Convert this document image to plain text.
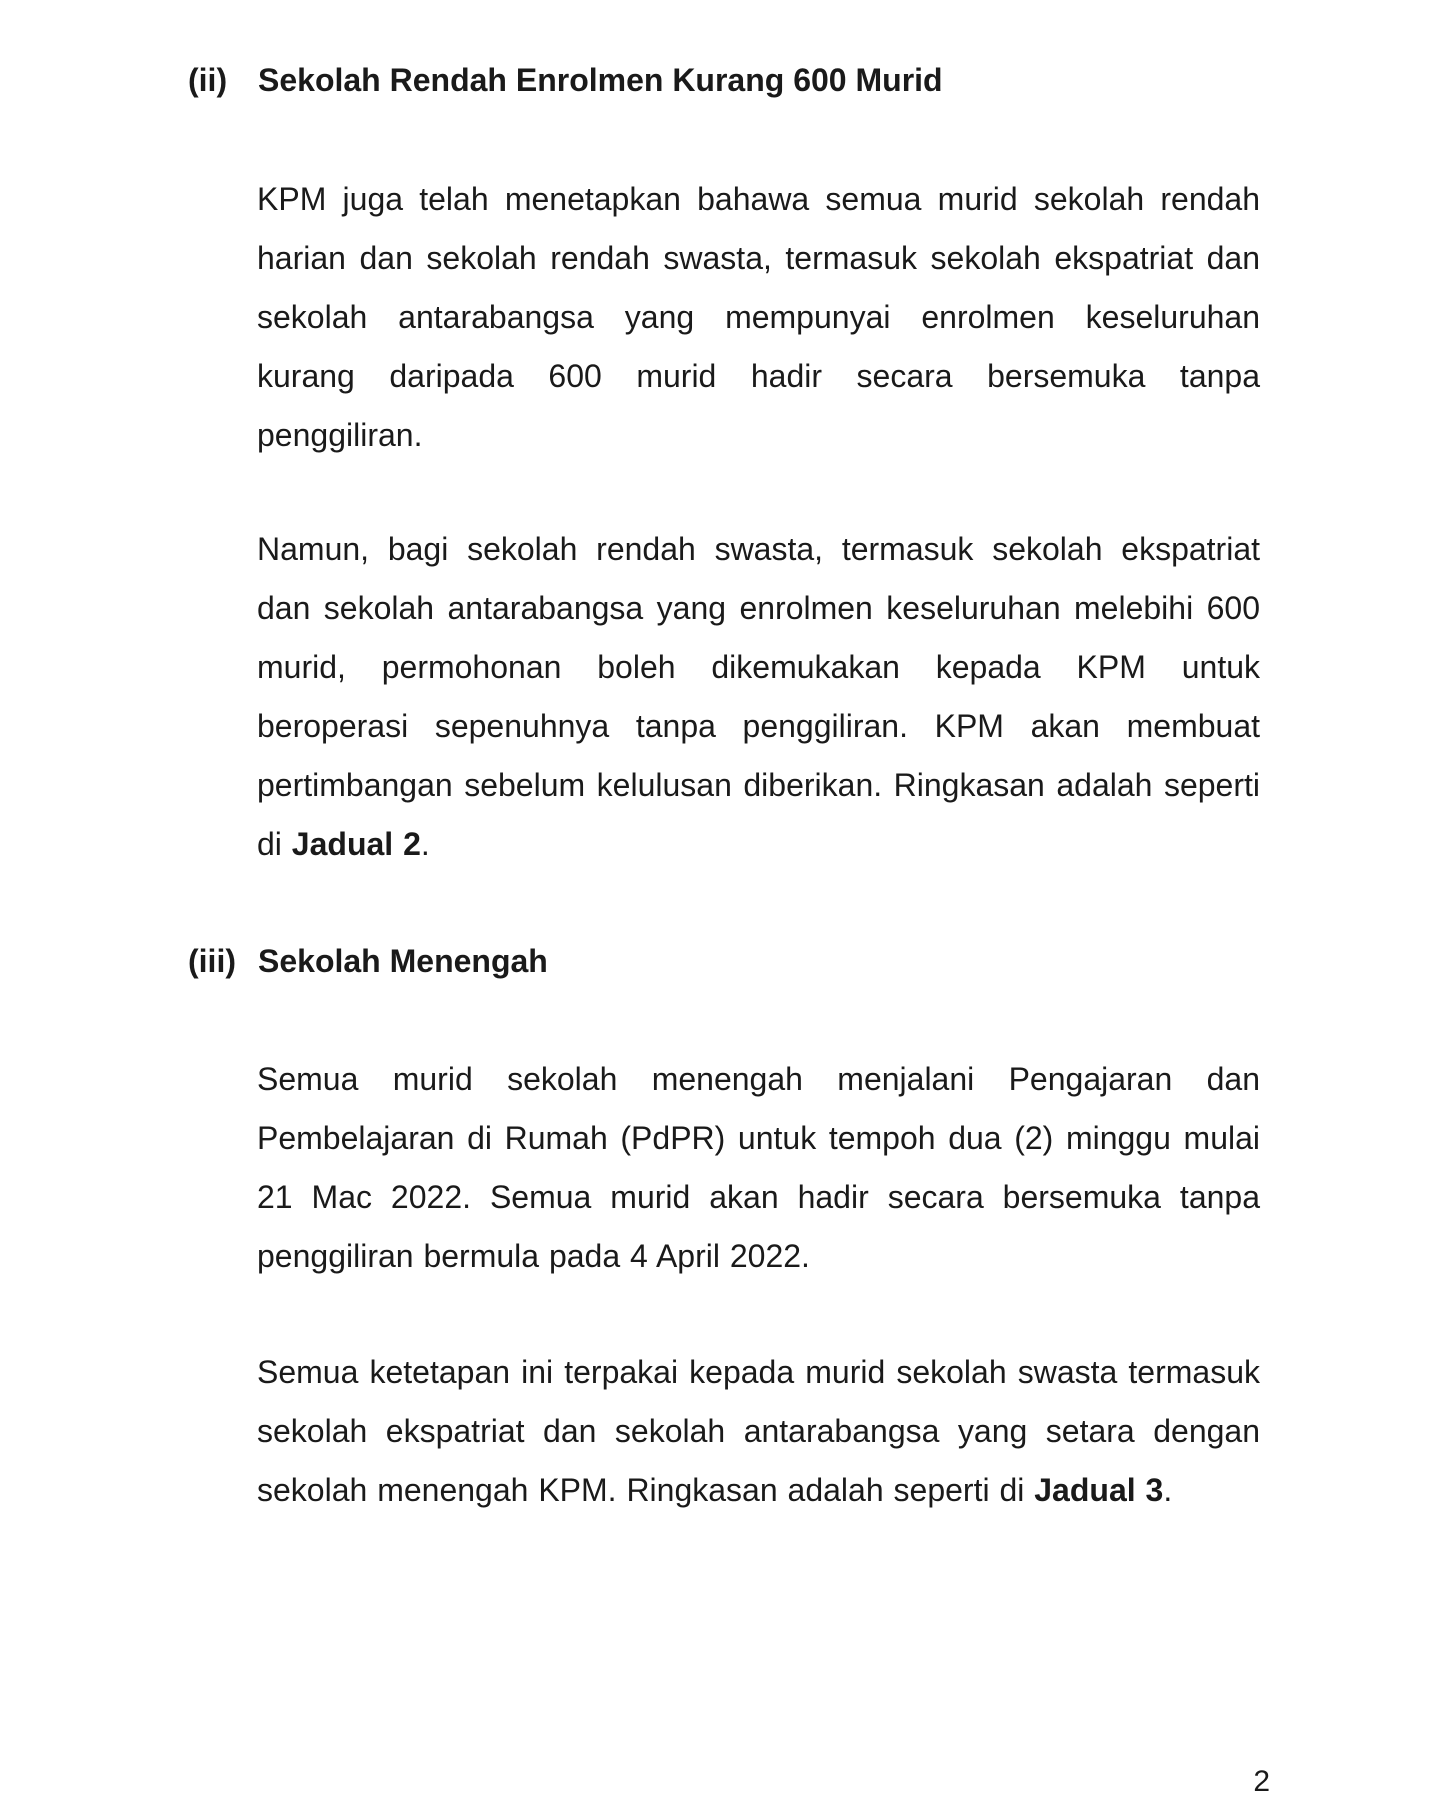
(ii) Sekolah Rendah Enrolmen Kurang 600 Murid

KPM juga telah menetapkan bahawa semua murid sekolah rendah harian dan sekolah rendah swasta, termasuk sekolah ekspatriat dan sekolah antarabangsa yang mempunyai enrolmen keseluruhan kurang daripada 600 murid hadir secara bersemuka tanpa penggiliran.

Namun, bagi sekolah rendah swasta, termasuk sekolah ekspatriat dan sekolah antarabangsa yang enrolmen keseluruhan melebihi 600 murid, permohonan boleh dikemukakan kepada KPM untuk beroperasi sepenuhnya tanpa penggiliran. KPM akan membuat pertimbangan sebelum kelulusan diberikan. Ringkasan adalah seperti di Jadual 2.

(iii) Sekolah Menengah

Semua murid sekolah menengah menjalani Pengajaran dan Pembelajaran di Rumah (PdPR) untuk tempoh dua (2) minggu mulai 21 Mac 2022. Semua murid akan hadir secara bersemuka tanpa penggiliran bermula pada 4 April 2022.

Semua ketetapan ini terpakai kepada murid sekolah swasta termasuk sekolah ekspatriat dan sekolah antarabangsa yang setara dengan sekolah menengah KPM. Ringkasan adalah seperti di Jadual 3.

2
